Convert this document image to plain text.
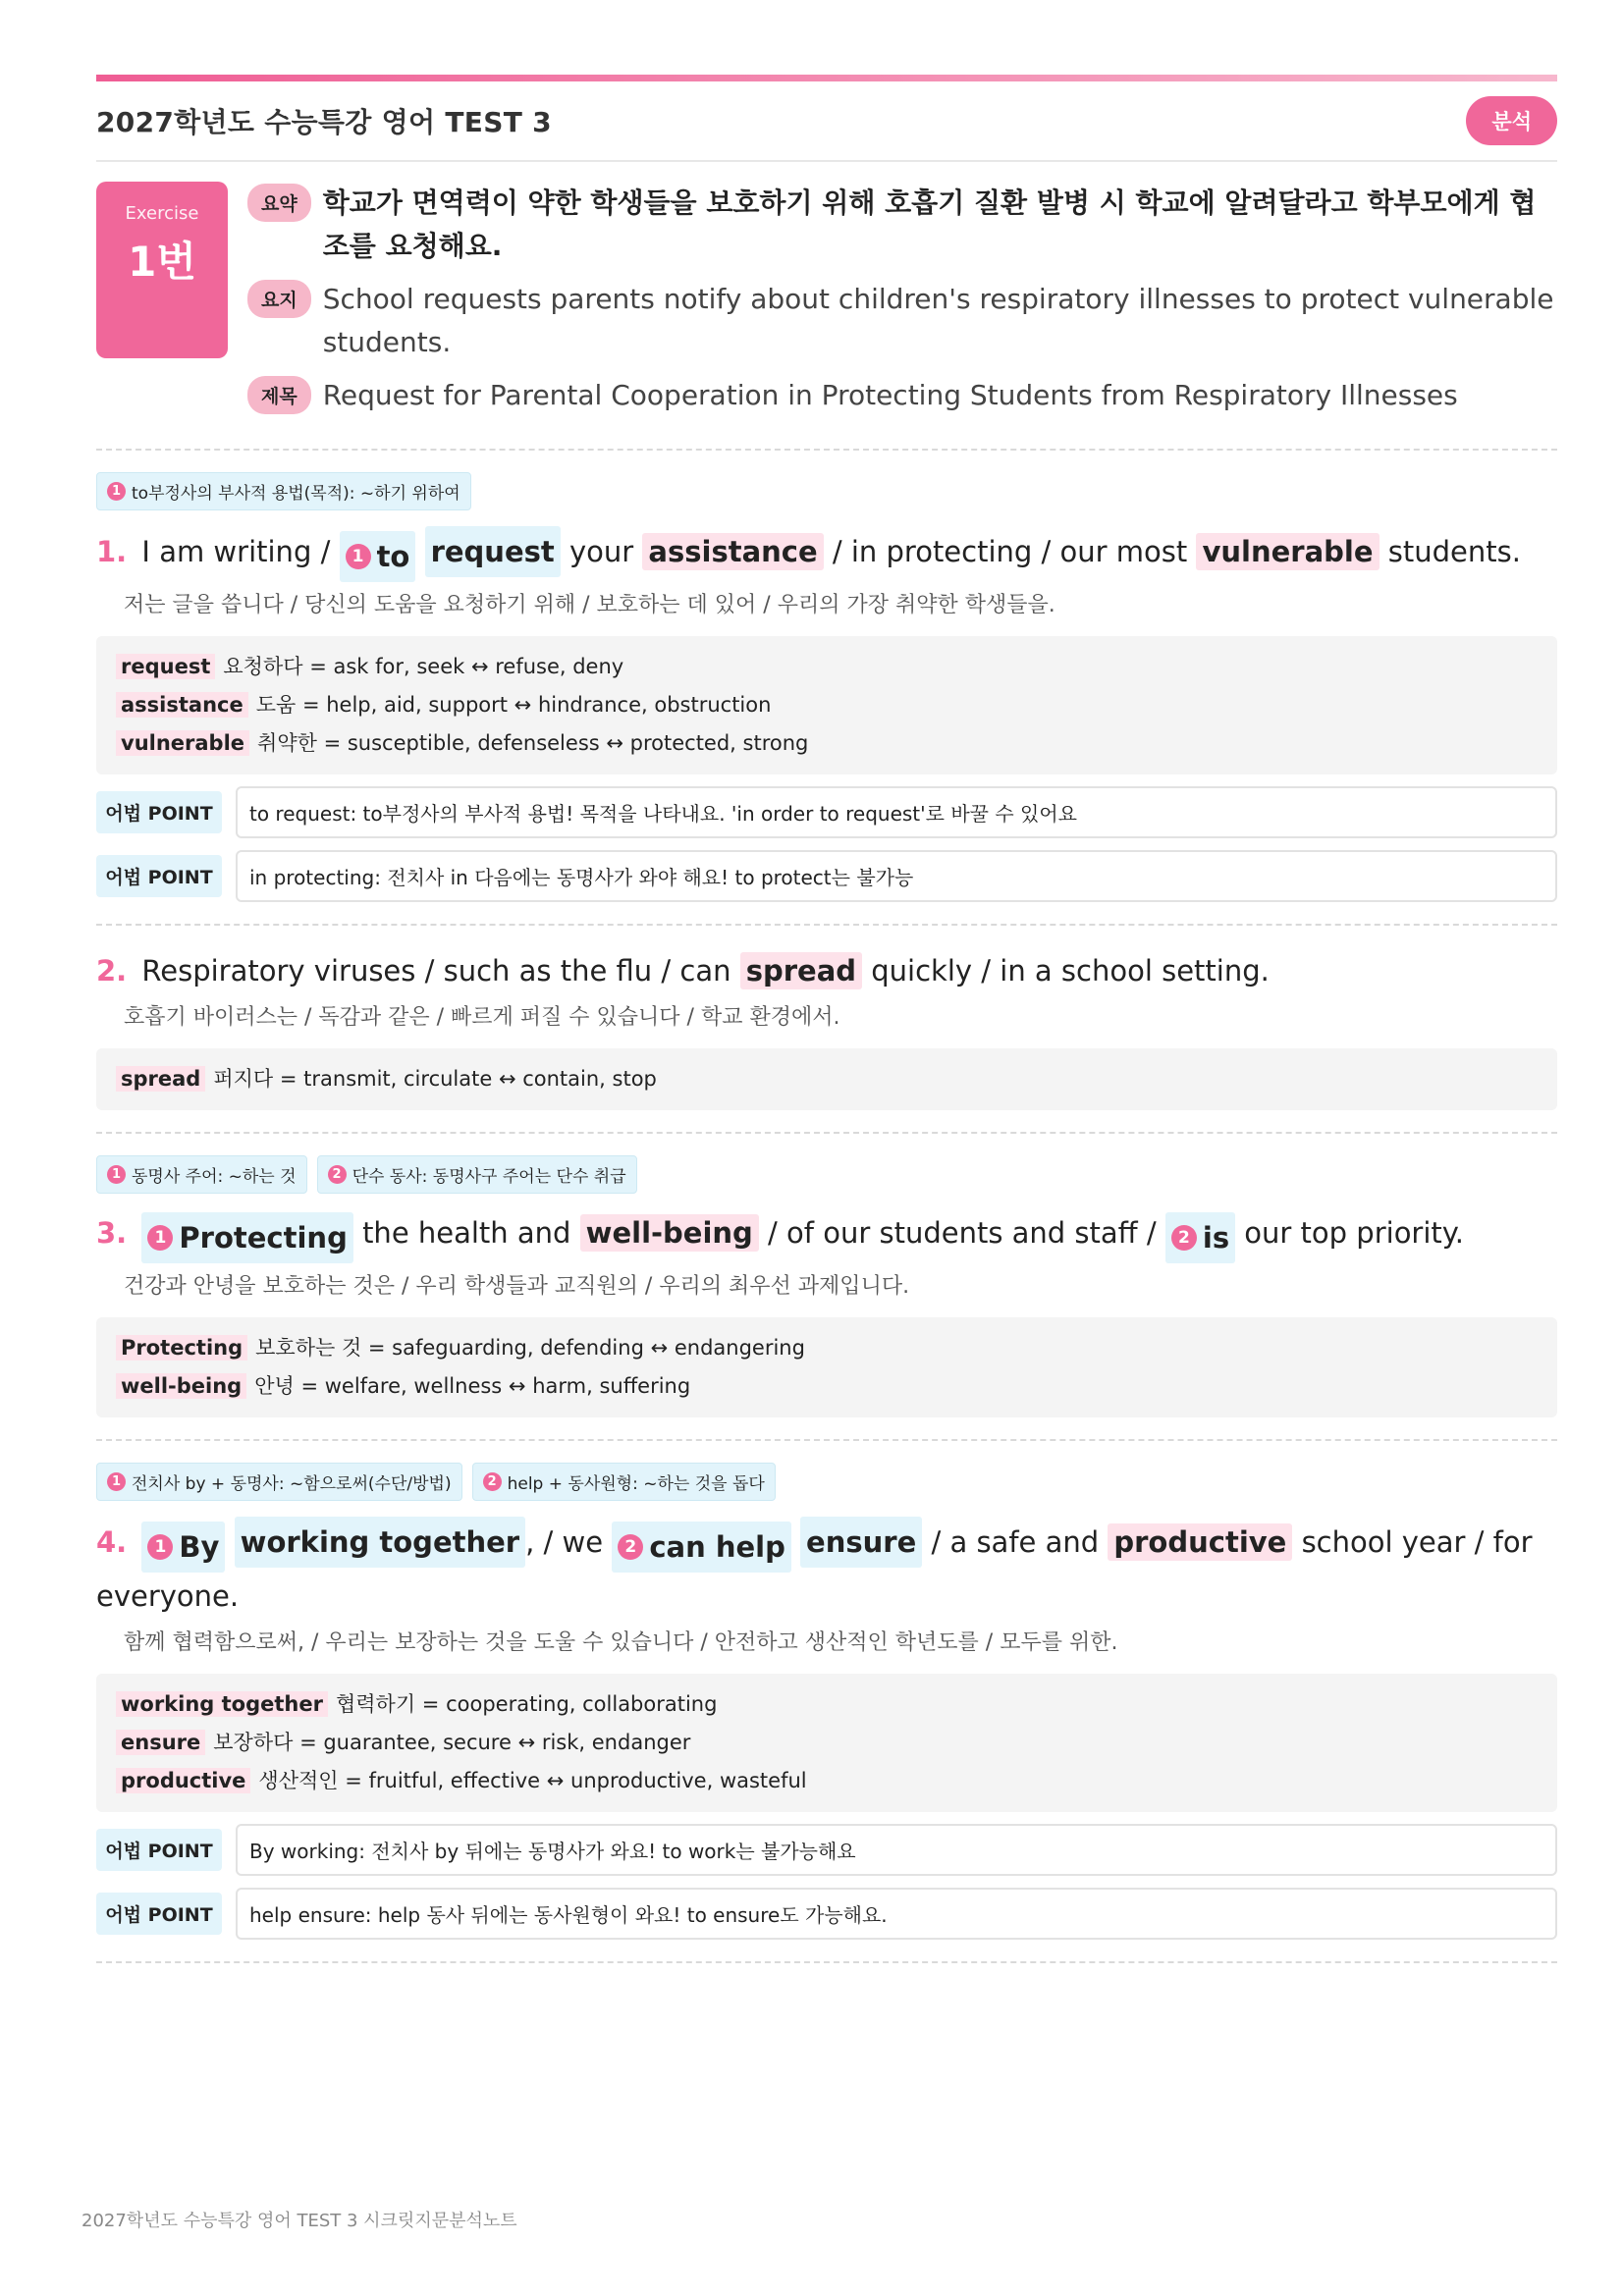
2027학년도 수능특강 영어 TEST 3	분석
Exercise
1번
요약 학교가 면역력이 약한 학생들을 보호하기 위해 호흡기 질환 발병 시 학교에 알려달라고 학부모에게 협조를 요청해요.
요지 School requests parents notify about children's respiratory illnesses to protect vulnerable students.
제목 Request for Parental Cooperation in Protecting Students from Respiratory Illnesses
1 to부정사의 부사적 용법(목적): ~하기 위하여
1. I am writing /	1 to request your assistance / in protecting / our most vulnerable students.
저는 글을 씁니다 / 당신의 도움을 요청하기 위해 / 보호하는 데 있어 / 우리의 가장 취약한 학생들을.
request 요청하다 = ask for, seek ↔ refuse, deny
assistance 도움 = help, aid, support ↔ hindrance, obstruction
vulnerable 취약한 = susceptible, defenseless ↔ protected, strong
어법 POINT	to request: to부정사의 부사적 용법! 목적을 나타내요. 'in order to request'로 바꿀 수 있어요
어법 POINT	in protecting: 전치사 in 다음에는 동명사가 와야 해요! to protect는 불가능
2. Respiratory viruses / such as the flu / can spread quickly / in a school setting.
호흡기 바이러스는 / 독감과 같은 / 빠르게 퍼질 수 있습니다 / 학교 환경에서.
spread 퍼지다 = transmit, circulate ↔ contain, stop
1 동명사 주어: ~하는 것	2 단수 동사: 동명사구 주어는 단수 취급
3.	1 Protecting the health and well-being / of our students and staff /	2 is our top priority.
건강과 안녕을 보호하는 것은 / 우리 학생들과 교직원의 / 우리의 최우선 과제입니다.
Protecting 보호하는 것 = safeguarding, defending ↔ endangering
well-being 안녕 = welfare, wellness ↔ harm, suffering
1 전치사 by + 동명사: ~함으로써(수단/방법)	2 help + 동사원형: ~하는 것을 돕다
4.	1 By working together , / we	2 can help ensure / a safe and productive school year / for everyone.
함께 협력함으로써, / 우리는 보장하는 것을 도울 수 있습니다 / 안전하고 생산적인 학년도를 / 모두를 위한.
working together 협력하기 = cooperating, collaborating
ensure 보장하다 = guarantee, secure ↔ risk, endanger
productive 생산적인 = fruitful, effective ↔ unproductive, wasteful
어법 POINT	By working: 전치사 by 뒤에는 동명사가 와요! to work는 불가능해요
어법 POINT	help ensure: help 동사 뒤에는 동사원형이 와요! to ensure도 가능해요.
2027학년도 수능특강 영어 TEST 3 시크릿지문분석노트
